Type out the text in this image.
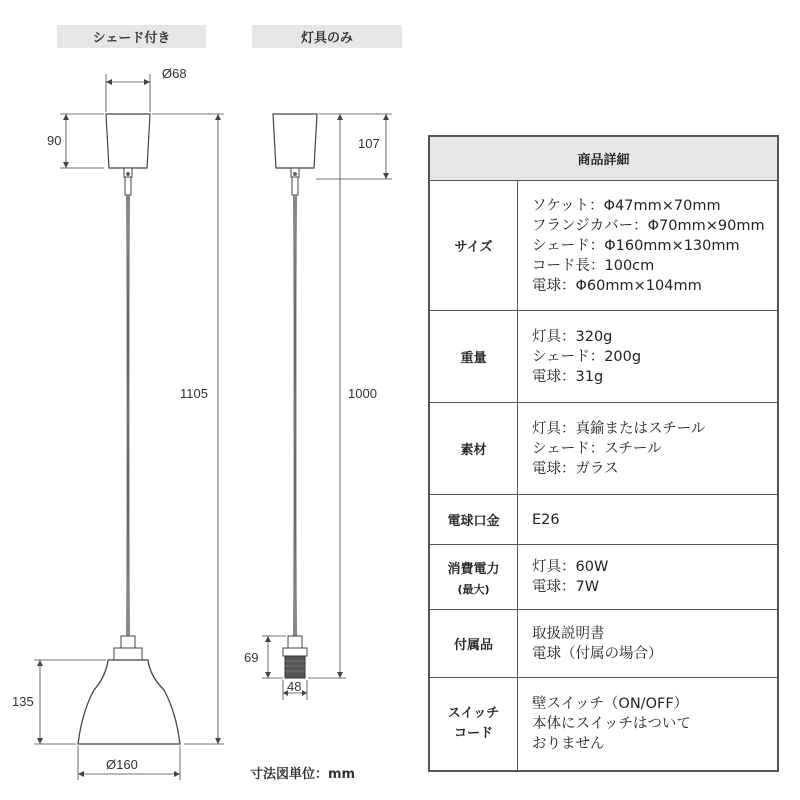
シェード付き	灯具のみ
Ø68
90
1105
135
Ø160
107
1000
69
48
寸法図単位：mm
商品詳細	
サイズ	ソケット：Φ47mm×70mm
フランジカバー：Φ70mm×90mm
シェード：Φ160mm×130mm
コード長：100cm
電球：Φ60mm×104mm
重量	灯具：320g
シェード：200g
電球：31g
素材	灯具：真鍮またはスチール
シェード：スチール
電球：ガラス
電球口金	E26
消費電力
(最大)	灯具：60W
電球：7W
付属品	取扱説明書
電球（付属の場合）
スイッチ
コード	壁スイッチ（ON/OFF）
本体にスイッチはついて
おりません
